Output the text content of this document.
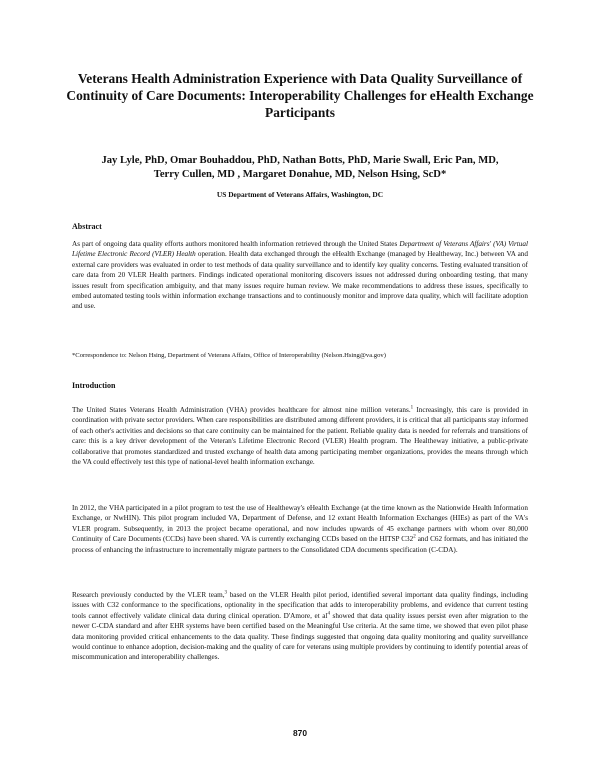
Veterans Health Administration Experience with Data Quality Surveillance of Continuity of Care Documents: Interoperability Challenges for eHealth Exchange Participants
Jay Lyle, PhD, Omar Bouhaddou, PhD, Nathan Botts, PhD, Marie Swall, Eric Pan, MD,
Terry Cullen, MD , Margaret Donahue, MD, Nelson Hsing, ScD*
US Department of Veterans Affairs, Washington, DC
Abstract
As part of ongoing data quality efforts authors monitored health information retrieved through the United States Department of Veterans Affairs' (VA) Virtual Lifetime Electronic Record (VLER) Health operation. Health data exchanged through the eHealth Exchange (managed by Healtheway, Inc.) between VA and external care providers was evaluated in order to test methods of data quality surveillance and to identify key quality concerns. Testing evaluated transition of care data from 20 VLER Health partners. Findings indicated operational monitoring discovers issues not addressed during onboarding testing, that many issues result from specification ambiguity, and that many issues require human review. We make recommendations to address these issues, specifically to embed automated testing tools within information exchange transactions and to continuously monitor and improve data quality, which will facilitate adoption and use.
*Correspondence to: Nelson Hsing, Department of Veterans Affairs, Office of Interoperability (Nelson.Hsing@va.gov)
Introduction
The United States Veterans Health Administration (VHA) provides healthcare for almost nine million veterans.$^1$ Increasingly, this care is provided in coordination with private sector providers. When care responsibilities are distributed among different providers, it is critical that all participants stay informed of each other's activities and decisions so that care continuity can be maintained for the patient. Reliable quality data is needed for referrals and transitions of care: this is a key driver development of the Veteran's Lifetime Electronic Record (VLER) Health program. The Healtheway initiative, a public-private collaborative that promotes standardized and trusted exchange of health data among participating member organizations, provides the means through which the VA could effectively test this type of national-level health information exchange.
In 2012, the VHA participated in a pilot program to test the use of Healtheway's eHealth Exchange (at the time known as the Nationwide Health Information Exchange, or NwHIN). This pilot program included VA, Department of Defense, and 12 extant Health Information Exchanges (HIEs) as part of the VA's VLER program. Subsequently, in 2013 the project became operational, and now includes upwards of 45 exchange partners with whom over 80,000 Continuity of Care Documents (CCDs) have been shared. VA is currently exchanging CCDs based on the HITSP $C32^2$ and C62 formats, and has initiated the process of enhancing the infrastructure to incrementally migrate partners to the Consolidated CDA documents specification (C-CDA).
Research previously conducted by the VLER team,$^3$ based on the VLER Health pilot period, identified several important data quality findings, including issues with C32 conformance to the specifications, optionality in the specification that adds to interoperability problems, and evidence that current testing tools cannot effectively validate clinical data during clinical operation. D'Amore, et $al^4$ showed that data quality issues persist even after migration to the newer C-CDA standard and after EHR systems have been certified based on the Meaningful Use criteria. At the same time, we showed that even pilot phase data monitoring provided critical enhancements to the data quality. These findings suggested that ongoing data quality monitoring and quality surveillance would continue to enhance adoption, decision-making and the quality of care for veterans using multiple providers by continuing to identify potential areas of miscommunication and interoperability challenges.
870
